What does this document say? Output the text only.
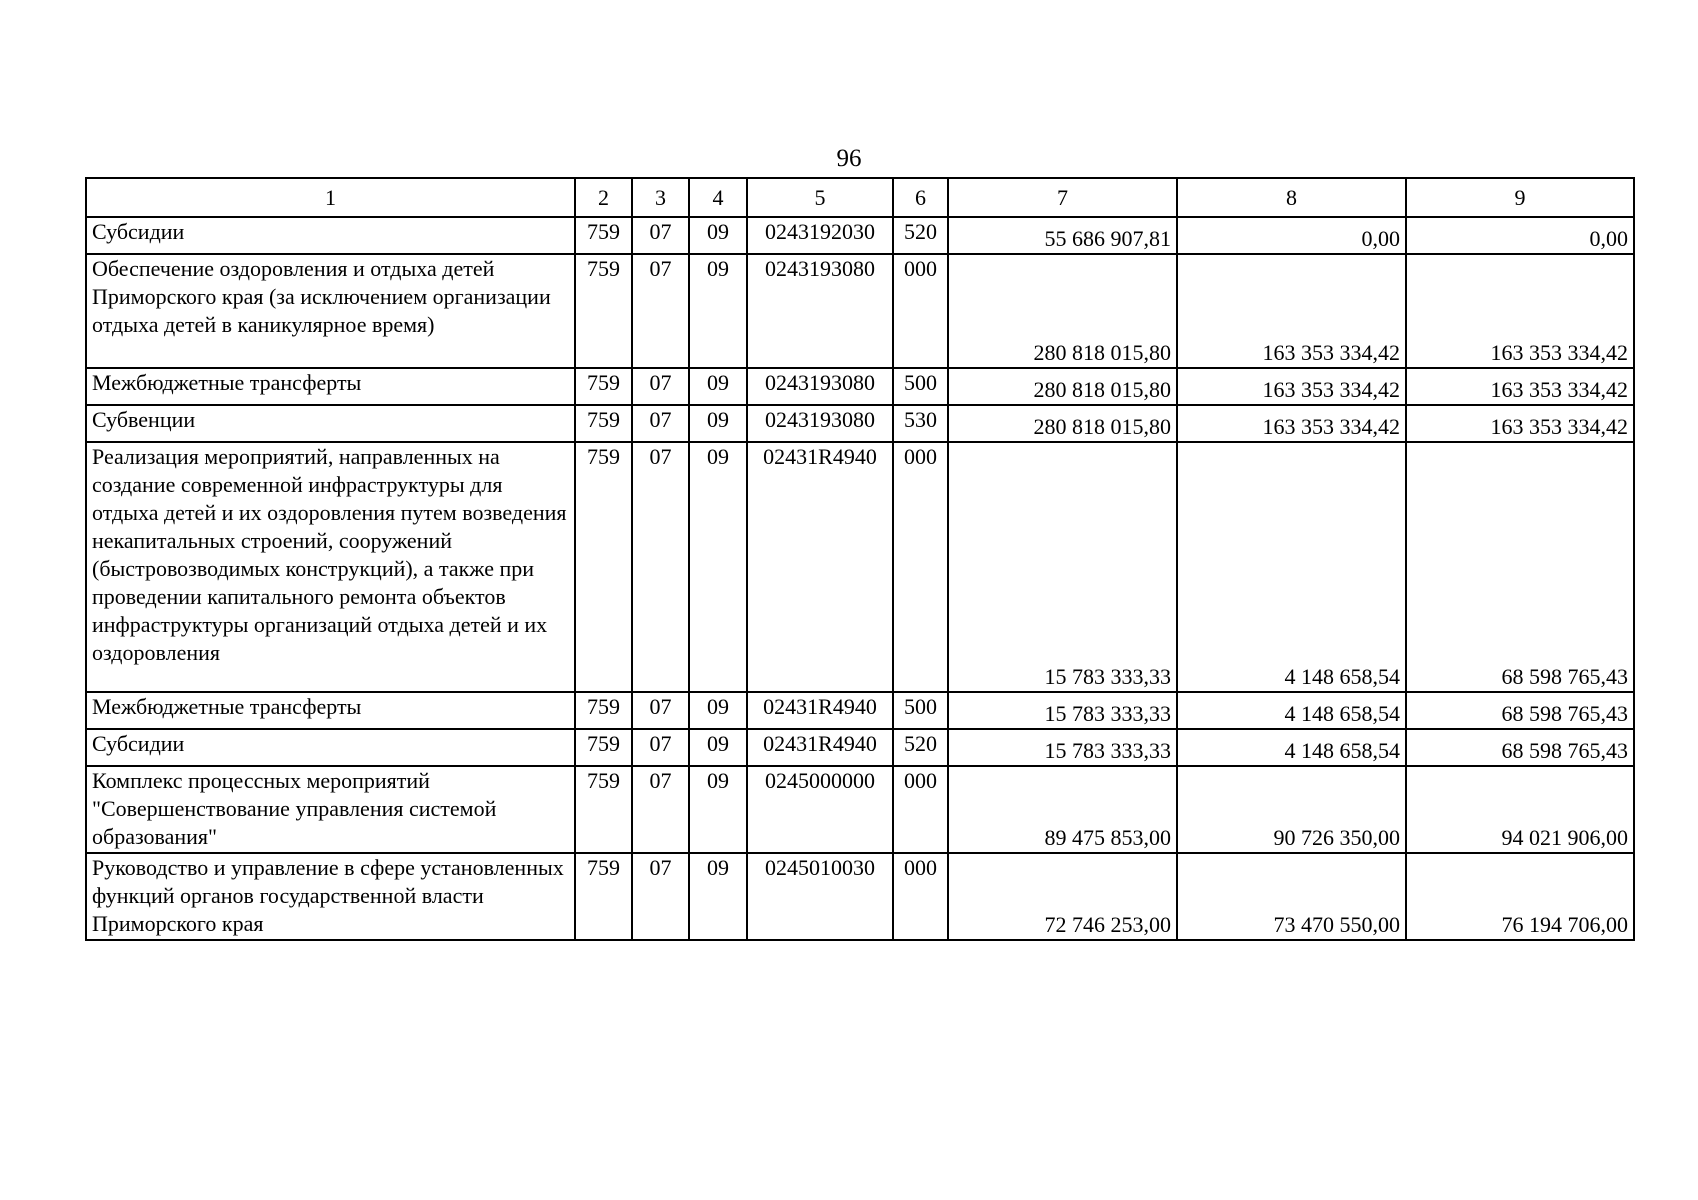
96
1	2	3	4	5	6	7	8	9
Субсидии	759	07	09	0243192030	520	55 686 907,81	0,00	0,00
Обеспечение оздоровления и отдыха детей Приморского края (за исключением организации отдыха детей в каникулярное время)	759	07	09	0243193080	000	280 818 015,80	163 353 334,42	163 353 334,42
Межбюджетные трансферты	759	07	09	0243193080	500	280 818 015,80	163 353 334,42	163 353 334,42
Субвенции	759	07	09	0243193080	530	280 818 015,80	163 353 334,42	163 353 334,42
Реализация мероприятий, направленных на создание современной инфраструктуры для отдыха детей и их оздоровления путем возведения некапитальных строений, сооружений (быстровозводимых конструкций), а также при проведении капитального ремонта объектов инфраструктуры организаций отдыха детей и их оздоровления	759	07	09	02431R4940	000	15 783 333,33	4 148 658,54	68 598 765,43
Межбюджетные трансферты	759	07	09	02431R4940	500	15 783 333,33	4 148 658,54	68 598 765,43
Субсидии	759	07	09	02431R4940	520	15 783 333,33	4 148 658,54	68 598 765,43
Комплекс процессных мероприятий "Совершенствование управления системой образования"	759	07	09	0245000000	000	89 475 853,00	90 726 350,00	94 021 906,00
Руководство и управление в сфере установленных функций органов государственной власти Приморского края	759	07	09	0245010030	000	72 746 253,00	73 470 550,00	76 194 706,00
